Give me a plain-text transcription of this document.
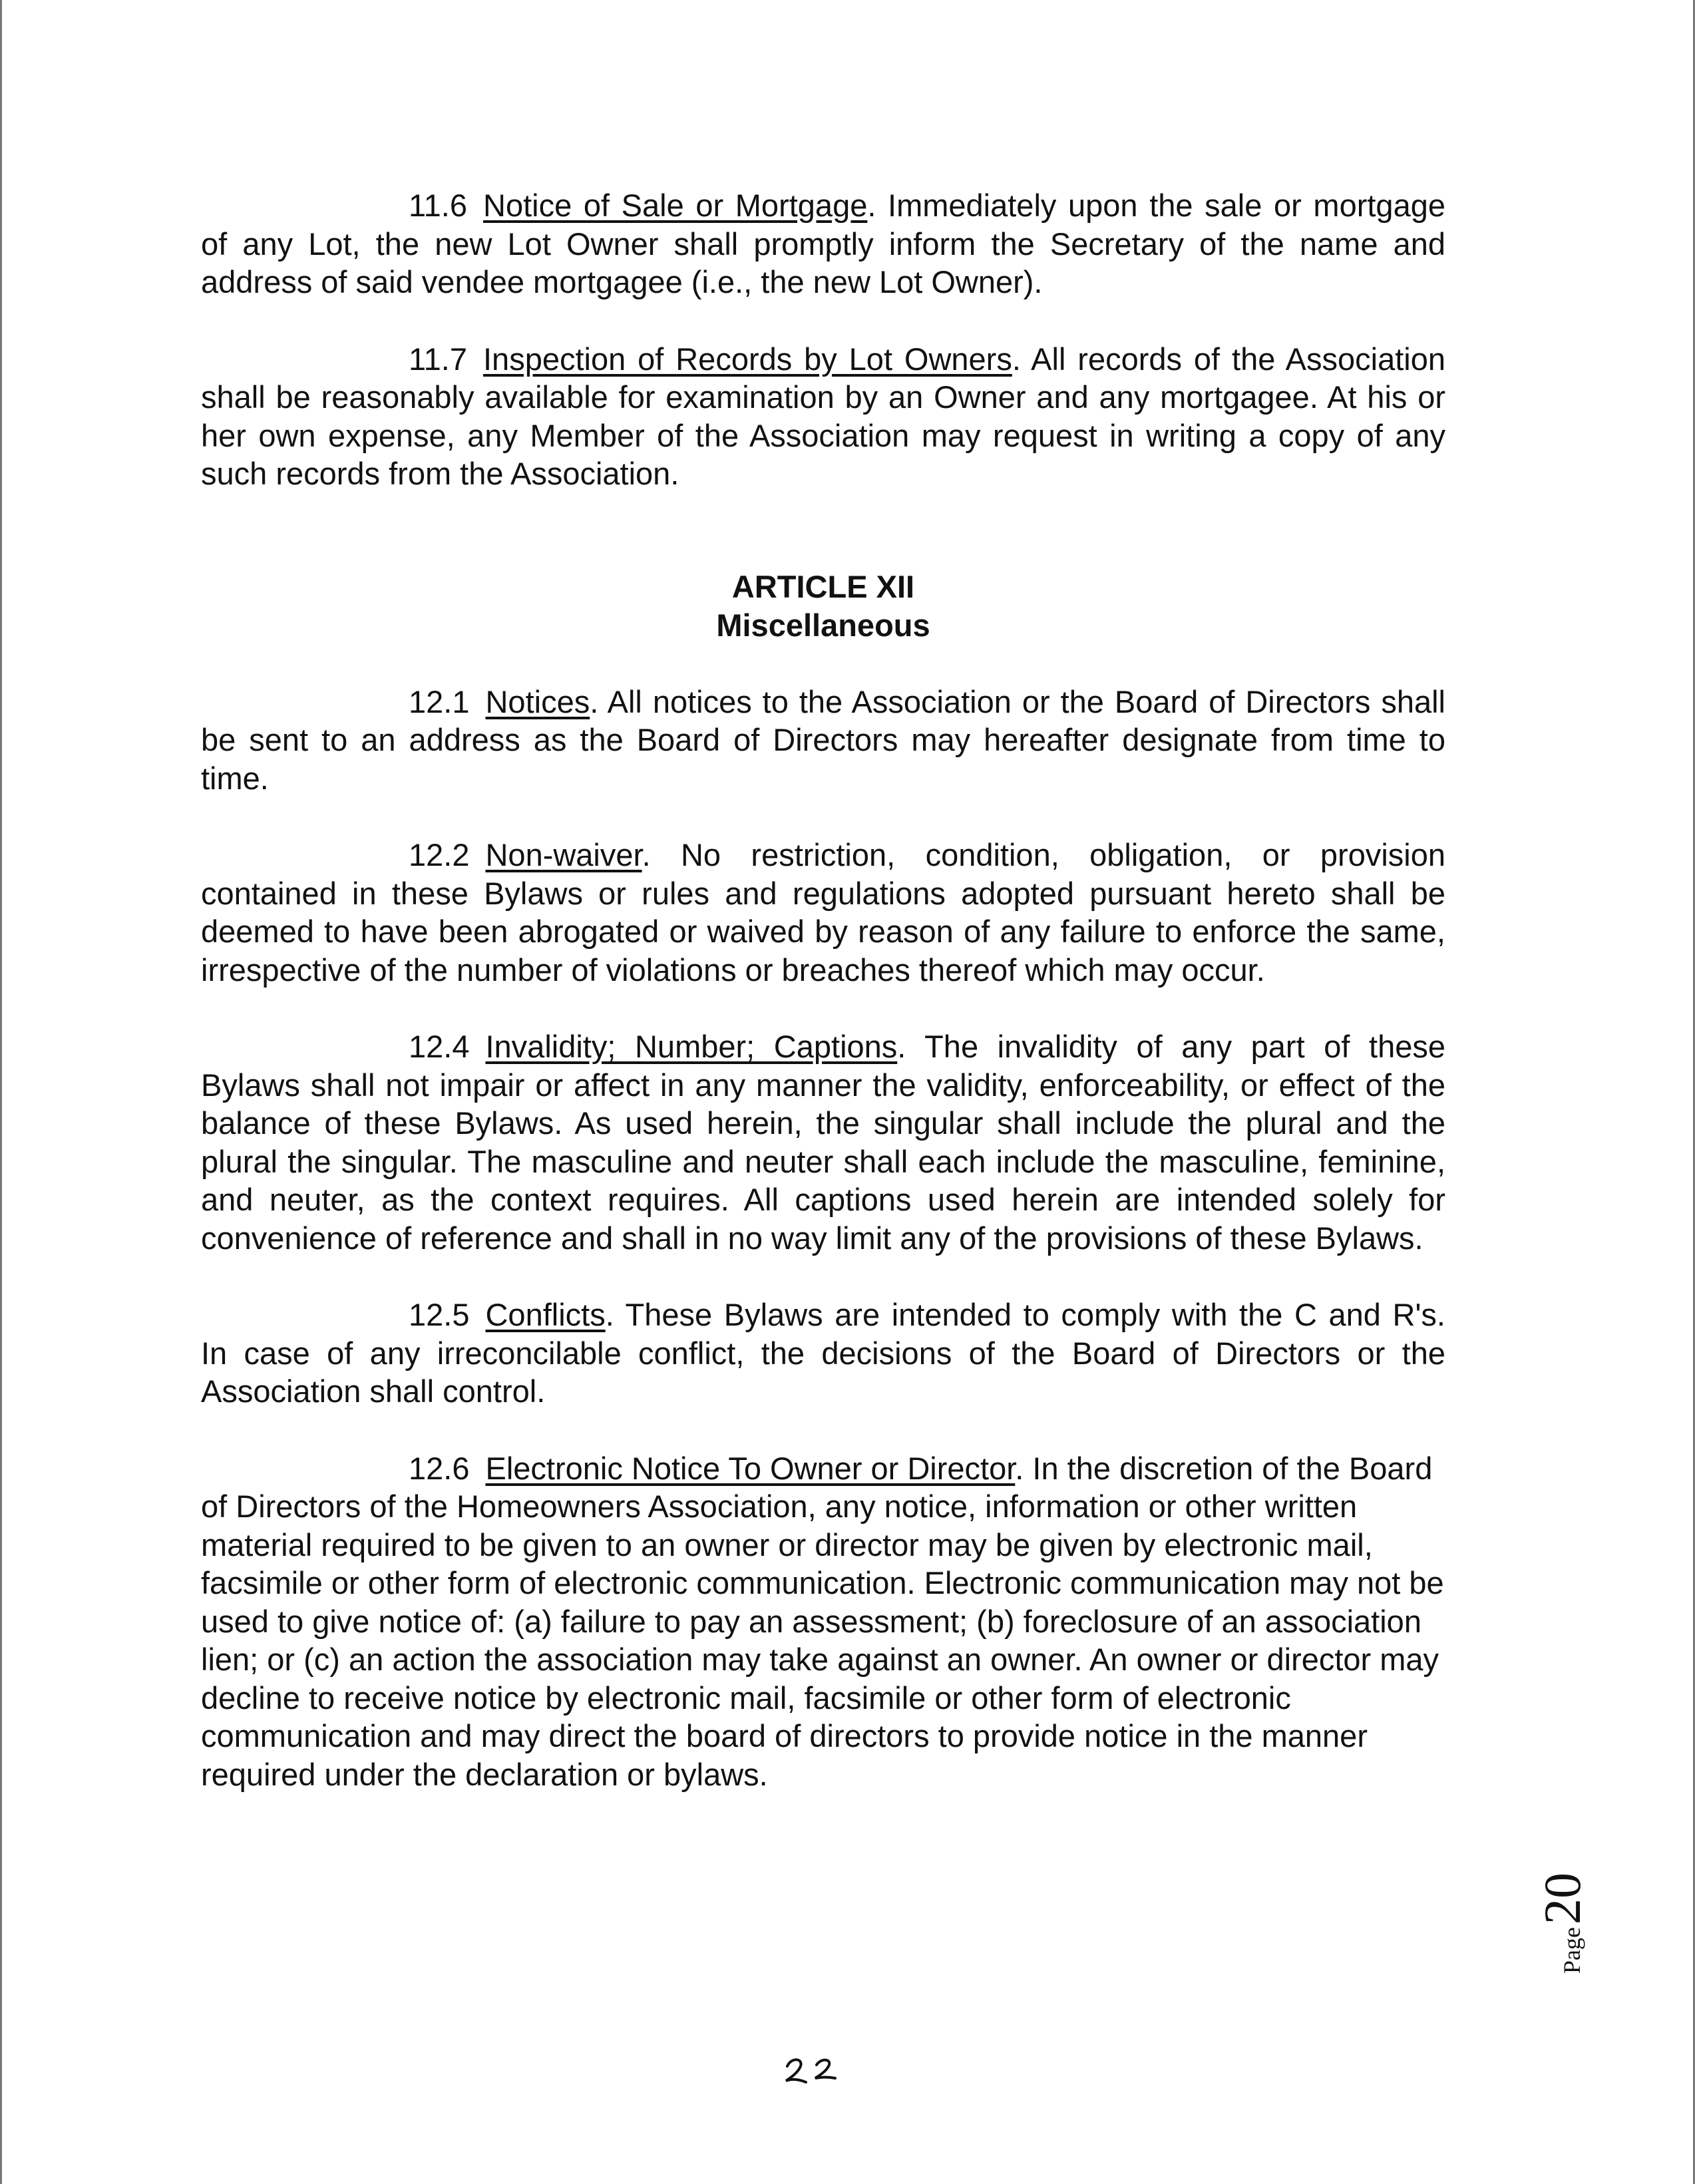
11.6 Notice of Sale or Mortgage. Immediately upon the sale or mortgage of any Lot, the new Lot Owner shall promptly inform the Secretary of the name and address of said vendee mortgagee (i.e., the new Lot Owner).

11.7 Inspection of Records by Lot Owners. All records of the Association shall be reasonably available for examination by an Owner and any mortgagee. At his or her own expense, any Member of the Association may request in writing a copy of any such records from the Association.

ARTICLE XII
Miscellaneous

12.1 Notices. All notices to the Association or the Board of Directors shall be sent to an address as the Board of Directors may hereafter designate from time to time.

12.2 Non-waiver. No restriction, condition, obligation, or provision contained in these Bylaws or rules and regulations adopted pursuant hereto shall be deemed to have been abrogated or waived by reason of any failure to enforce the same, irrespective of the number of violations or breaches thereof which may occur.

12.4 Invalidity; Number; Captions. The invalidity of any part of these Bylaws shall not impair or affect in any manner the validity, enforceability, or effect of the balance of these Bylaws. As used herein, the singular shall include the plural and the plural the singular. The masculine and neuter shall each include the masculine, feminine, and neuter, as the context requires. All captions used herein are intended solely for convenience of reference and shall in no way limit any of the provisions of these Bylaws.

12.5 Conflicts. These Bylaws are intended to comply with the C and R's. In case of any irreconcilable conflict, the decisions of the Board of Directors or the Association shall control.

12.6 Electronic Notice To Owner or Director. In the discretion of the Board of Directors of the Homeowners Association, any notice, information or other written material required to be given to an owner or director may be given by electronic mail, facsimile or other form of electronic communication. Electronic communication may not be used to give notice of: (a) failure to pay an assessment; (b) foreclosure of an association lien; or (c) an action the association may take against an owner. An owner or director may decline to receive notice by electronic mail, facsimile or other form of electronic communication and may direct the board of directors to provide notice in the manner required under the declaration or bylaws.

Page
20
